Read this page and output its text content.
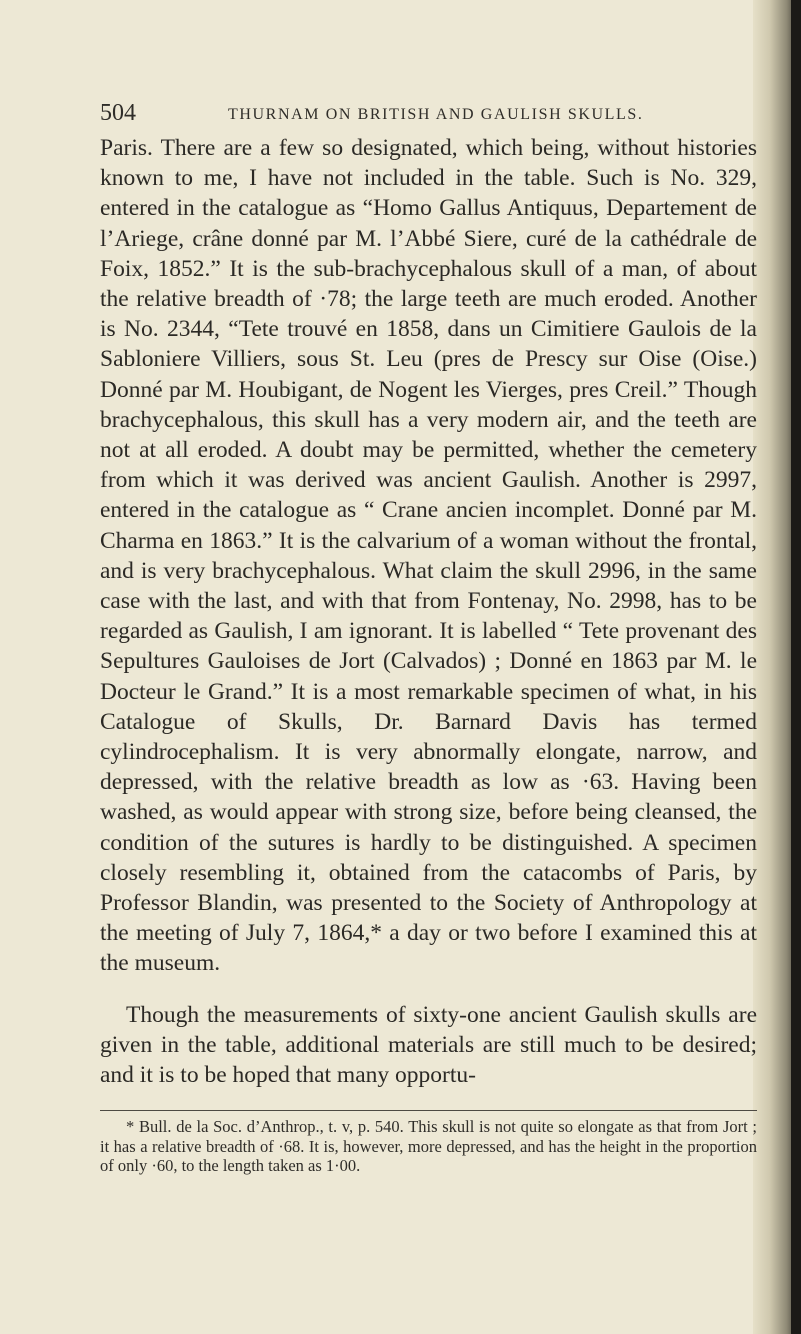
504	THURNAM ON BRITISH AND GAULISH SKULLS.

Paris. There are a few so designated, which being, without histories known to me, I have not included in the table. Such is No. 329, entered in the catalogue as “Homo Gallus Antiquus, Departement de l’Ariege, crâne donné par M. l’Abbé Siere, curé de la cathédrale de Foix, 1852.” It is the sub-brachycephalous skull of a man, of about the relative breadth of ·78; the large teeth are much eroded. Another is No. 2344, “Tete trouvé en 1858, dans un Cimitiere Gaulois de la Sabloniere Villiers, sous St. Leu (pres de Prescy sur Oise (Oise.) Donné par M. Houbigant, de Nogent les Vierges, pres Creil.” Though brachycephalous, this skull has a very modern air, and the teeth are not at all eroded. A doubt may be permitted, whether the cemetery from which it was derived was ancient Gaulish. Another is 2997, entered in the catalogue as “ Crane ancien incomplet. Donné par M. Charma en 1863.” It is the calvarium of a woman without the frontal, and is very brachycephalous. What claim the skull 2996, in the same case with the last, and with that from Fontenay, No. 2998, has to be regarded as Gaulish, I am ignorant. It is labelled “ Tete provenant des Sepultures Gauloises de Jort (Calvados) ; Donné en 1863 par M. le Docteur le Grand.” It is a most remarkable specimen of what, in his Catalogue of Skulls, Dr. Barnard Davis has termed cylindrocephalism. It is very abnormally elongate, narrow, and depressed, with the relative breadth as low as ·63. Having been washed, as would appear with strong size, before being cleansed, the condition of the sutures is hardly to be distinguished. A specimen closely resembling it, obtained from the catacombs of Paris, by Professor Blandin, was presented to the Society of Anthropology at the meeting of July 7, 1864,* a day or two before I examined this at the museum.

Though the measurements of sixty-one ancient Gaulish skulls are given in the table, additional materials are still much to be desired; and it is to be hoped that many opportu-

* Bull. de la Soc. d’Anthrop., t. v, p. 540. This skull is not quite so elongate as that from Jort ; it has a relative breadth of ·68. It is, however, more depressed, and has the height in the proportion of only ·60, to the length taken as 1·00.
